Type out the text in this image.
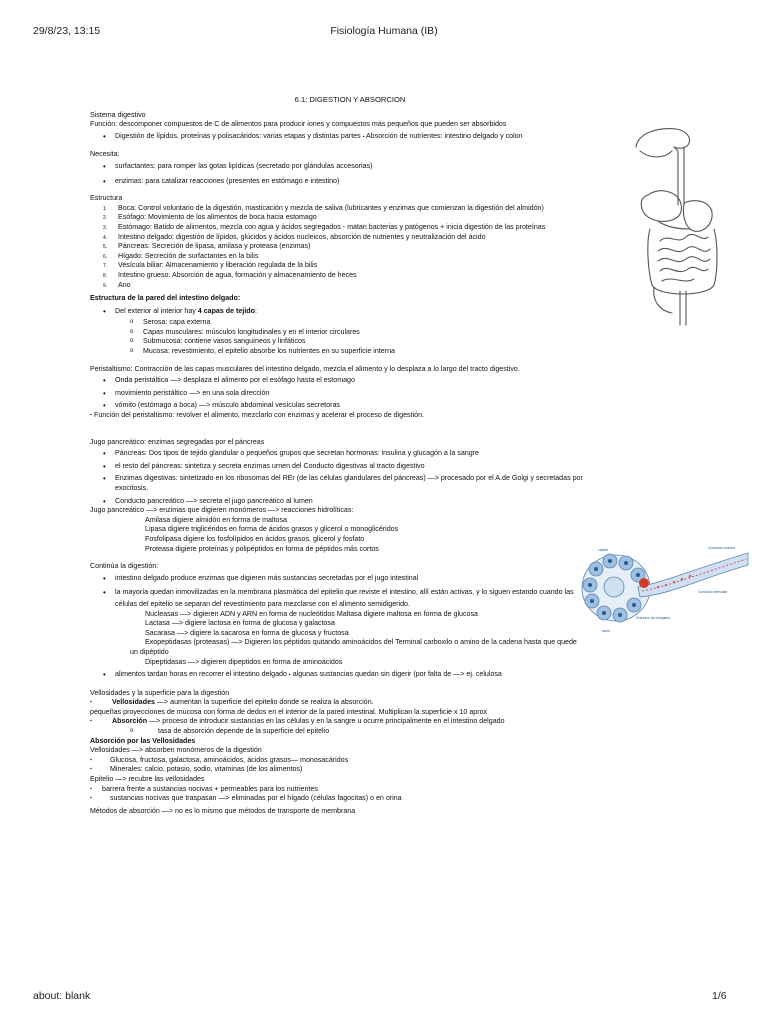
29/8/23, 13:15	Fisiología Humana (IB)
6.1: DIGESTION Y ABSORCION
Sistema digestivo
Función: descomponer compuestos de C de alimentos para producir iones y compuestos más pequeños que pueden ser absorbidos
• Digestión de lípidos, proteínas y polisacáridos: varias etapas y distintas partes ▪ Absorción de nutrientes: intestino delgado y colon
Necesita:
• surfactantes: para romper las gotas lipídicas (secretado por glándulas accesorias)
• enzimas: para catalizar reacciones (presentes en estómago e intestino)
Estructura
1. Boca: Control voluntario de la digestión, masticación y mezcla de saliva (lubricantes y enzimas que comienzan la digestión del almidón)
2. Esófago: Movimiento de los alimentos de boca hacia estomago
3. Estómago: Batido de alimentos, mezcla con agua y ácidos segregados - matan bacterias y patógenos + inicia digestión de las proteínas
4. Intestino delgado: digestión de lípidos, glúcidos y ácidos nucleicos, absorción de nutrientes y neutralización del ácido
5. Páncreas: Secreción de lipasa, amilasa y proteasa (enzimas)
6. Hígado: Secreción de surfactantes en la bilis
7. Vesícula biliar: Almacenamiento y liberación regulada de la bilis
8. Intestino grueso: Absorción de agua, formación y almacenamiento de heces
9. Ano
Estructura de la pared del intestino delgado:
• Del exterior al interior hay 4 capas de tejido:
o Serosa: capa externa
o Capas musculares: músculos longitudinales y en el interior circulares
o Submucosa: contiene vasos sanguíneos y linfáticos
o Mucosa: revestimiento, el epitelio absorbe los nutrientes en su superficie interna
Peristaltismo: Contracción de las capas musculares del intestino delgado, mezcla el alimento y lo desplaza a lo largo del tracto digestivo.
• Onda peristáltica —> desplaza el alimento por el esófago hasta el estomago
• movimiento peristáltico —> en una sola dirección
• vómito (estómago a boca) —> músculo abdominal vesículas secretoras
▪ Función del peristaltismo: revolver el alimento, mezclarlo con enzimas y acelerar el proceso de digestión.
Jugo pancreático: enzimas segregadas por el páncreas
• Páncreas: Dos tipos de tejido glandular o pequeños grupos que secretan hormonas: insulina y glucagón a la sangre
• el resto del páncreas: sintetiza y secreta enzimas urnen del Conducto digestivas al tracto digestivo
• Enzimas digestivas: sintetizado en los ribosomas del REr (de las células glandulares del páncreas) —> procesado por el A.de Golgi y secretadas por
exocitosis.
• Conducto pancreático —> secreta el jugo pancreático al lumen
Jugo pancreático —> enzimas que digieren monómeros —> reacciones hidrolíticas:
Amilasa digiere almidón en forma de maltosa
Lipasa digiere triglicéridos en forma de ácidos grasos y glicerol o monoglicéridos
Fosfolipasa digiere los fosfolípidos en ácidos grasos, glicerol y fosfato
Proteasa digiere proteínas y polipéptidos en forma de péptidos más cortos
Continúa la digestión:
• intestino delgado produce enzimas que digieren más sustancias secretadas por el jugo intestinal
• la mayoría quedan inmovilizadas en la membrana plasmática del epitelio que reviste el intestino, allí están activas, y lo siguen estando cuando las
células del epitelio se separan del revestimiento para mezclarse con el alimento semidigerido.
Nucleasas —> digieren ADN y ARN en forma de nucleótidos Maltasa digiere maltosa en forma de glucosa
Lactasa —> digiere lactosa en forma de glucosa y galactosa
Sacarasa —> digiere la sacarosa en forma de glucosa y fructosa
Exopeptidasas (proteasas) —> Digieren los péptidos quitando aminoácidos del Terminal carboxilo o amino de la cadena hasta que quede
un dipéptido
Dipeptidasas —> digieren dipeptidos en forma de aminoácidos
• alimentos tardan horas en recorrer el intestino delgado ▪ algunas sustancias quedan sin digerir (por falta de —> ej. celulosa
Vellosidades y la superficie para la digestión
▪ Vellosidades —> aumentan la superficie del epitelio donde se realiza la absorción.
pequeñas proyecciones de mucosa con forma de dedos en el interior de la pared intestinal. Multiplican la superficie x 10 aprox
▪ Absorción —> proceso de introducir sustancias en las células y en la sangre u ocurre principalmente en el intestino delgado
o tasa de absorción depende de la superficie del epitelio
Absorción por las Vellosidades
Vellosidades —> absorben monómeros de la digestión
▪ Glucosa, fructosa, galactosa, aminoácidos, ácidos grasos— monosacáridos
▪ Minerales: calcio, potasio, sodio, vitaminas (de los alimentos)
Epitelio —> recubre las vellosidades
▪ barrera frente a sustancias nocivas + permeables para los nutrientes
▪ sustancias nocivas que traspasan —> eliminadas por el hígado (células fagocitas) o en orina
Métodos de absorción —> no es lo mismo que métodos de transporte de membrana
capilar	Conducto colector
Conducto intercalar
Gránulos de zimógeno
acino
about: blank	1/6
